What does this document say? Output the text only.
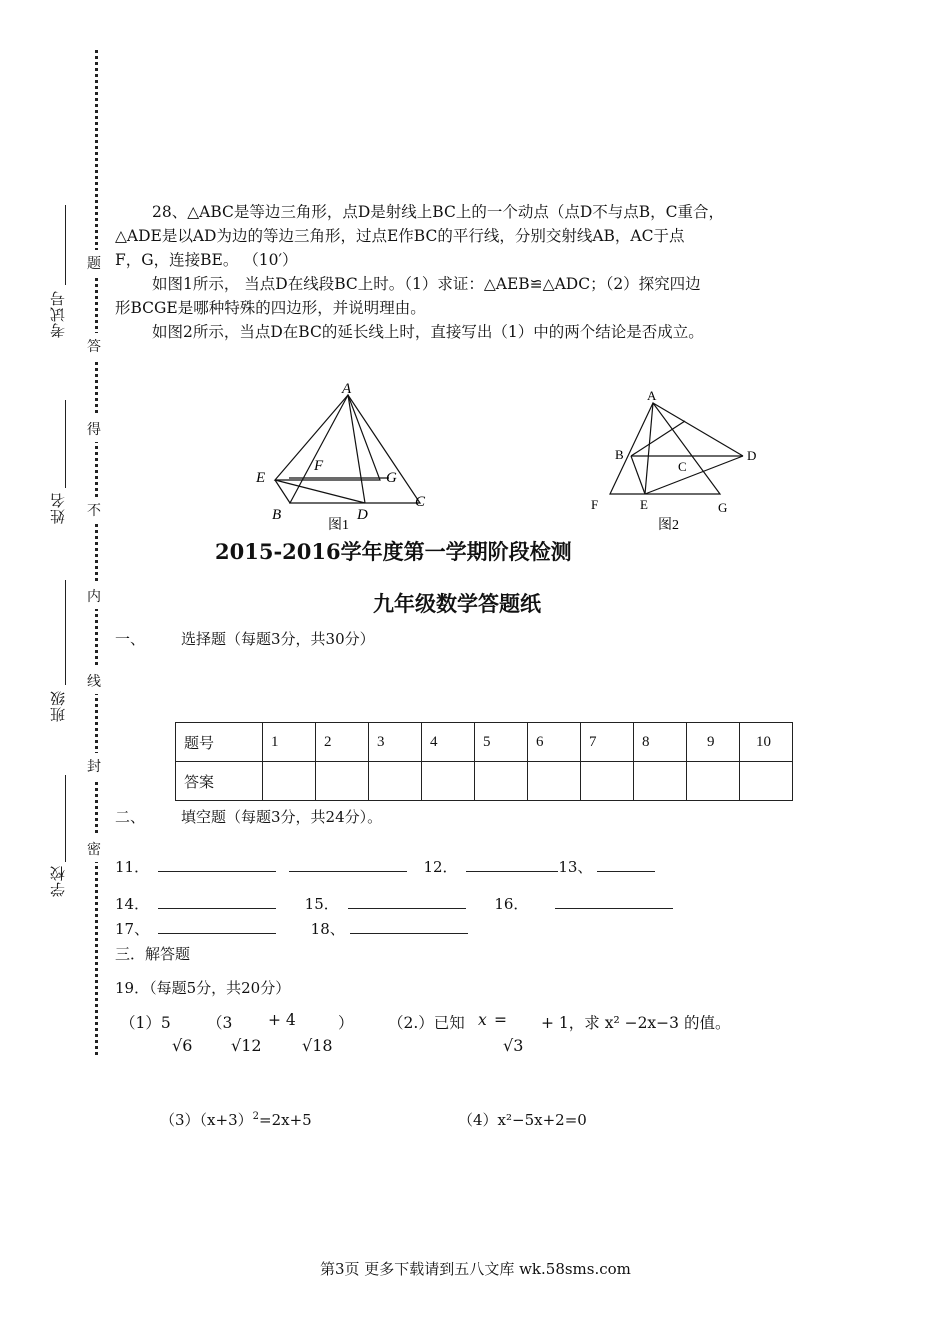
考试号
姓名
班级
学校
题
答
得
不
内
线
封
密
28、△ABC是等边三角形，点D是射线上BC上的一个动点（点D不与点B，C重合，
△ADE是以AD为边的等边三角形，过点E作BC的平行线，分别交射线AB，AC于点
F，G，连接BE。 （10′）
如图1所示， 当点D在线段BC上时。（1）求证：△AEB≌△ADC；（2）探究四边
形BCGE是哪种特殊的四边形，并说明理由。
如图2所示，当点D在BC的延长线上时，直接写出（1）中的两个结论是否成立。
A
E
F
G
B
C
D
图1
A
B
C
D
F	E	G
图2
2015-2016学年度第一学期阶段检测
九年级数学答题纸
一、 选择题（每题3分，共30分）
题号	1	2	3	4	5	6	7	8	9	10
答案										
二、 填空题（每题3分，共24分）。
11．	12．	13、
14．	15．	16．
17、	18、
三．解答题
19．（每题5分，共20分）
（1）5 （3 + 4	）
√6 √12	√18
（2.）已知 x = + 1，求 x² −2x−3 的值。
√3
$(3)(x+3)^2=2x+5$	（4）x²−5x+2=0
第3页 更多下载请到五八文库 wk.58sms.com
